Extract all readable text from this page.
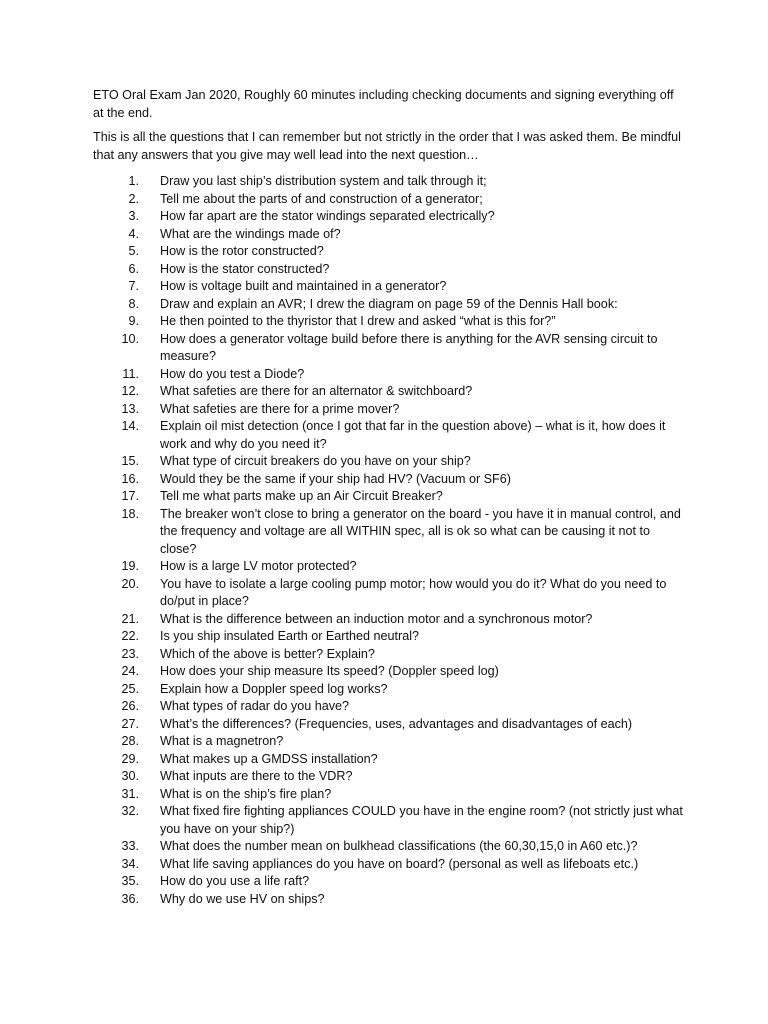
ETO Oral Exam Jan 2020, Roughly 60 minutes including checking documents and signing everything off at the end.

This is all the questions that I can remember but not strictly in the order that I was asked them. Be mindful that any answers that you give may well lead into the next question…

1. Draw you last ship’s distribution system and talk through it;
2. Tell me about the parts of and construction of a generator;
3. How far apart are the stator windings separated electrically?
4. What are the windings made of?
5. How is the rotor constructed?
6. How is the stator constructed?
7. How is voltage built and maintained in a generator?
8. Draw and explain an AVR; I drew the diagram on page 59 of the Dennis Hall book:
9. He then pointed to the thyristor that I drew and asked “what is this for?”
10. How does a generator voltage build before there is anything for the AVR sensing circuit to measure?
11. How do you test a Diode?
12. What safeties are there for an alternator & switchboard?
13. What safeties are there for a prime mover?
14. Explain oil mist detection (once I got that far in the question above) – what is it, how does it work and why do you need it?
15. What type of circuit breakers do you have on your ship?
16. Would they be the same if your ship had HV? (Vacuum or SF6)
17. Tell me what parts make up an Air Circuit Breaker?
18. The breaker won’t close to bring a generator on the board - you have it in manual control, and the frequency and voltage are all WITHIN spec, all is ok so what can be causing it not to close?
19. How is a large LV motor protected?
20. You have to isolate a large cooling pump motor; how would you do it? What do you need to do/put in place?
21. What is the difference between an induction motor and a synchronous motor?
22. Is you ship insulated Earth or Earthed neutral?
23. Which of the above is better? Explain?
24. How does your ship measure Its speed? (Doppler speed log)
25. Explain how a Doppler speed log works?
26. What types of radar do you have?
27. What’s the differences? (Frequencies, uses, advantages and disadvantages of each)
28. What is a magnetron?
29. What makes up a GMDSS installation?
30. What inputs are there to the VDR?
31. What is on the ship’s fire plan?
32. What fixed fire fighting appliances COULD you have in the engine room? (not strictly just what you have on your ship?)
33. What does the number mean on bulkhead classifications (the 60,30,15,0 in A60 etc.)?
34. What life saving appliances do you have on board? (personal as well as lifeboats etc.)
35. How do you use a life raft?
36. Why do we use HV on ships?
